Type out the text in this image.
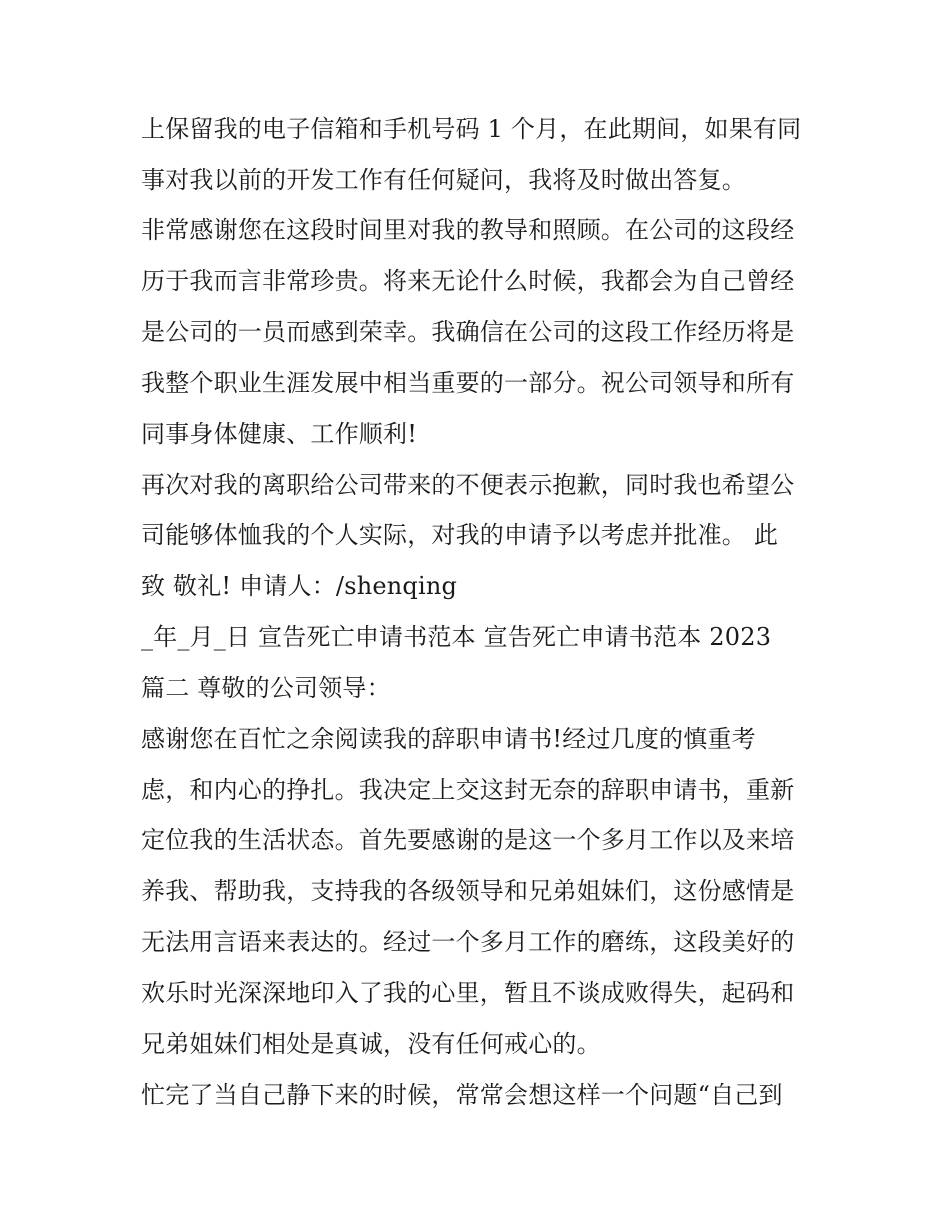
上保留我的电子信箱和手机号码 1 个月，在此期间，如果有同
事对我以前的开发工作有任何疑问，我将及时做出答复。
非常感谢您在这段时间里对我的教导和照顾。在公司的这段经
历于我而言非常珍贵。将来无论什么时候，我都会为自己曾经
是公司的一员而感到荣幸。我确信在公司的这段工作经历将是
我整个职业生涯发展中相当重要的一部分。祝公司领导和所有
同事身体健康、工作顺利!
再次对我的离职给公司带来的不便表示抱歉，同时我也希望公
司能够体恤我的个人实际，对我的申请予以考虑并批准。 此
致 敬礼! 申请人：/shenqing
_年_月_日 宣告死亡申请书范本 宣告死亡申请书范本 2023
篇二 尊敬的公司领导：
感谢您在百忙之余阅读我的辞职申请书!经过几度的慎重考
虑，和内心的挣扎。我决定上交这封无奈的辞职申请书，重新
定位我的生活状态。首先要感谢的是这一个多月工作以及来培
养我、帮助我，支持我的各级领导和兄弟姐妹们，这份感情是
无法用言语来表达的。经过一个多月工作的磨练，这段美好的
欢乐时光深深地印入了我的心里，暂且不谈成败得失，起码和
兄弟姐妹们相处是真诚，没有任何戒心的。
忙完了当自己静下来的时候，常常会想这样一个问题“自己到
